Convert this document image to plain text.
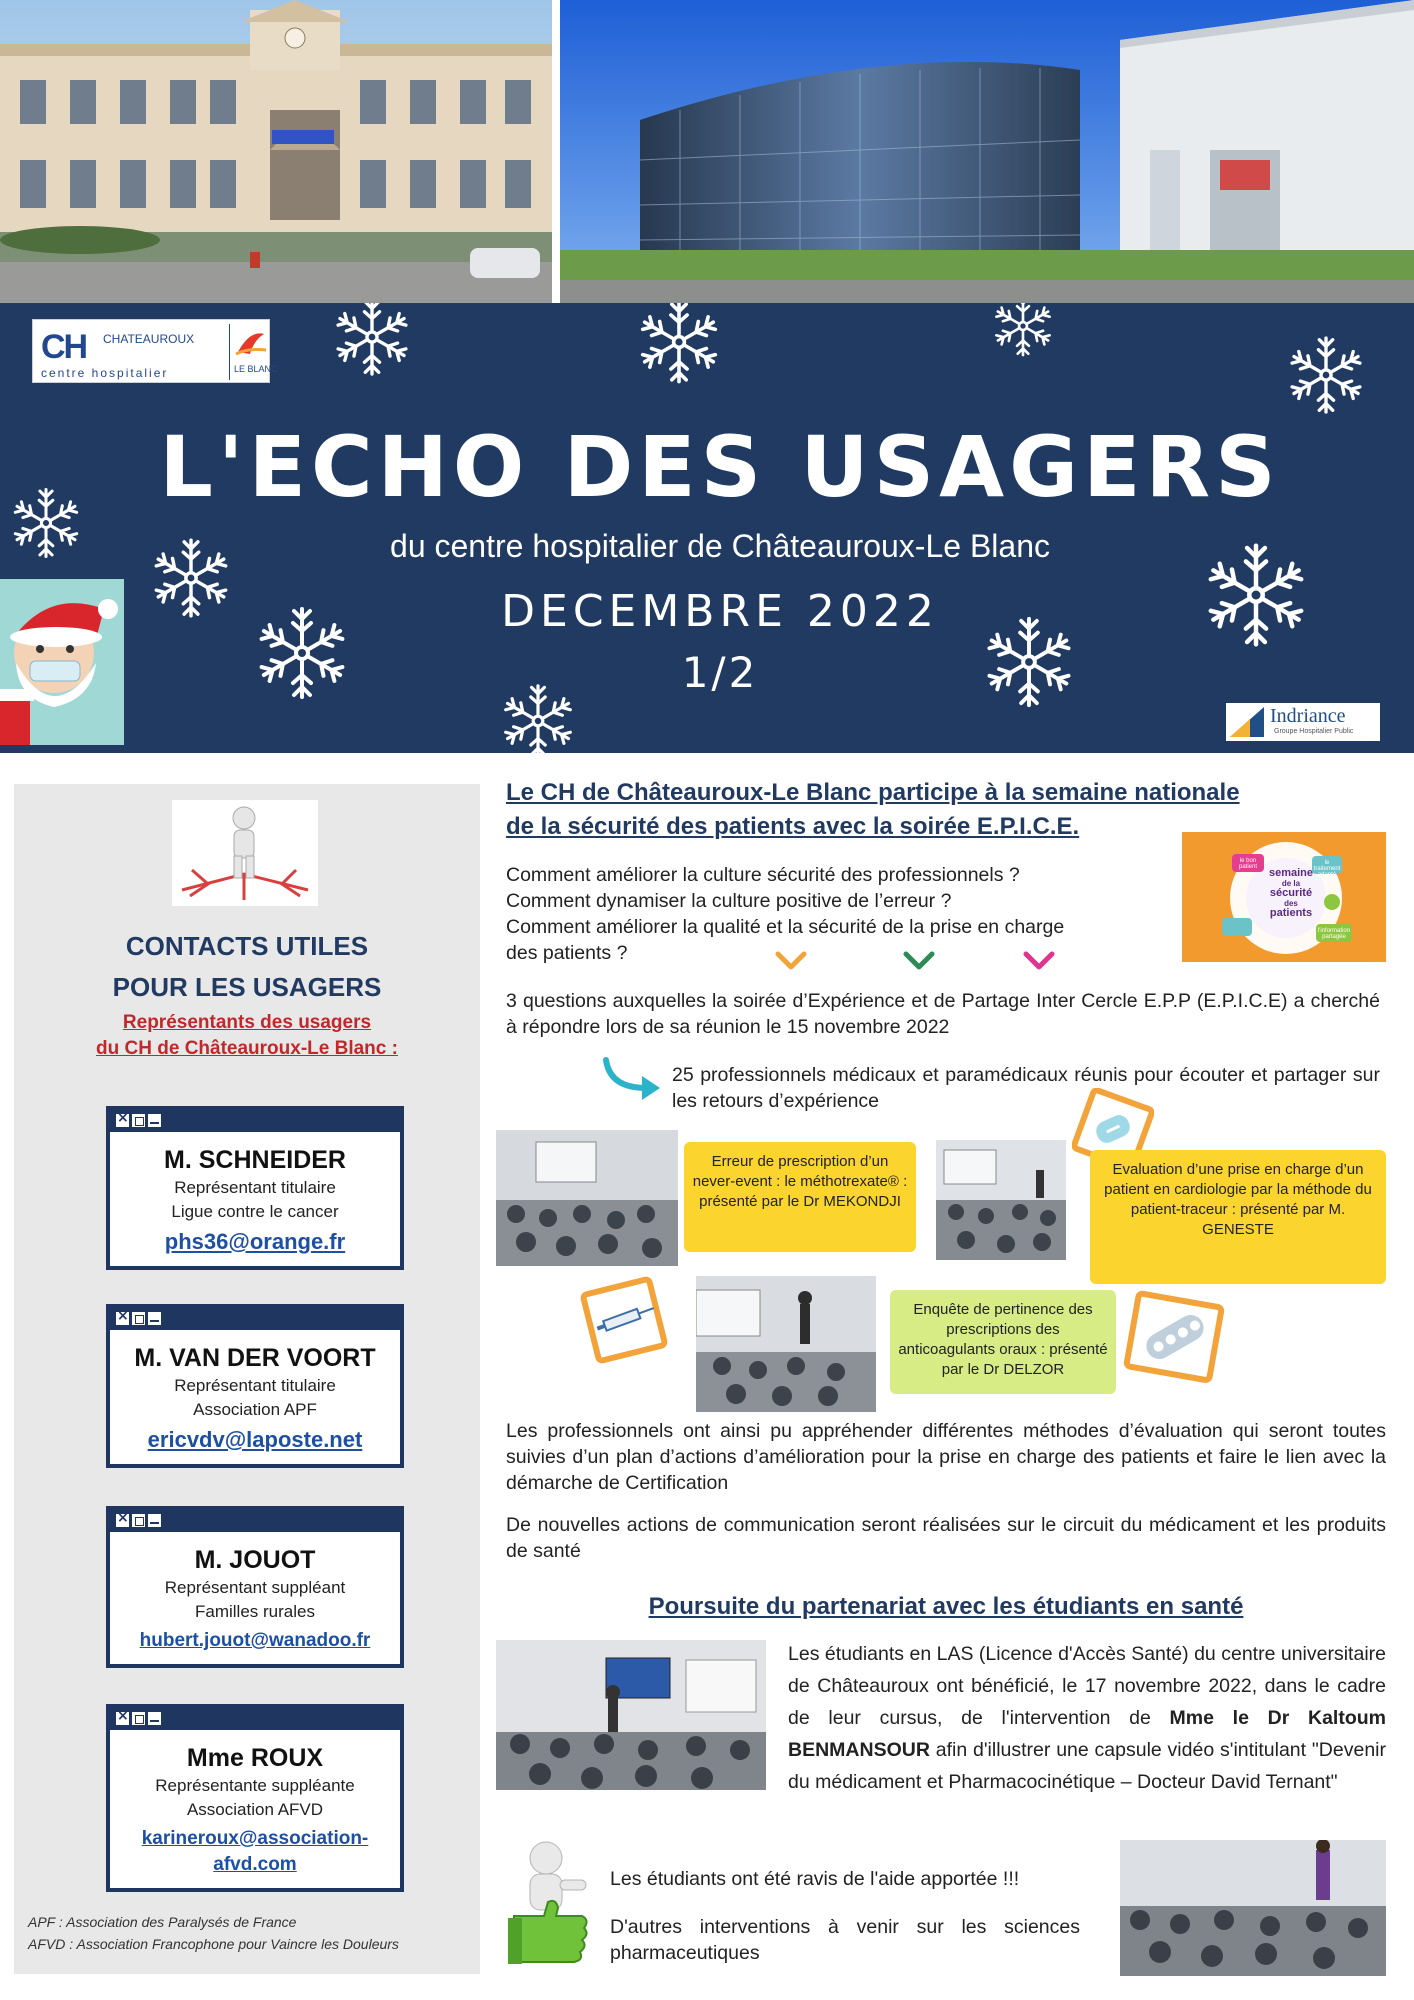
CH CHATEAUROUX
centre hospitalier	LE BLANC
L'ECHO DES USAGERS
du centre hospitalier de Châteauroux-Le Blanc
DECEMBRE 2022
1/2
Indriance
Groupe Hospitalier Public
CONTACTS UTILES
POUR LES USAGERS
Représentants des usagers
du CH de Châteauroux-Le Blanc :
×
M. SCHNEIDER
Représentant titulaire
Ligue contre le cancer
phs36@orange.fr
×
M. VAN DER VOORT
Représentant titulaire
Association APF
ericvdv@laposte.net
×
M. JOUOT
Représentant suppléant
Familles rurales
hubert.jouot@wanadoo.fr
×
Mme ROUX
Représentante suppléante
Association AFVD
karineroux@association-
afvd.com
APF : Association des Paralysés de France
AFVD : Association Francophone pour Vaincre les Douleurs
Le CH de Châteauroux-Le Blanc participe à la semaine nationale
de la sécurité des patients avec la soirée E.P.I.C.E.
Comment améliorer la culture sécurité des professionnels ?
Comment dynamiser la culture positive de l’erreur ?
Comment améliorer la qualité et la sécurité de la prise en charge
des patients ?
semaine
de la
sécurité
des
patients
le bon patient
le traitement adapté
l'information partagée
3 questions auxquelles la soirée d’Expérience et de Partage Inter Cercle E.P.P (E.P.I.C.E) a cherché à répondre lors de sa réunion le 15 novembre 2022
25 professionnels médicaux et paramédicaux réunis pour écouter et partager sur les retours d’expérience
Erreur de prescription d’un never-event : le méthotrexate® : présenté par le Dr MEKONDJI
Evaluation d’une prise en charge d’un patient en cardiologie par la méthode du patient-traceur : présenté par M. GENESTE
Enquête de pertinence des prescriptions des anticoagulants oraux : présenté par le Dr DELZOR
Les professionnels ont ainsi pu appréhender différentes méthodes d’évaluation qui seront toutes suivies d’un plan d’actions d’amélioration pour la prise en charge des patients et faire le lien avec la démarche de Certification
De nouvelles actions de communication seront réalisées sur le circuit du médicament et les produits de santé
Poursuite du partenariat avec les étudiants en santé
Les étudiants en LAS (Licence d'Accès Santé) du centre universitaire de Châteauroux ont bénéficié, le 17 novembre 2022, dans le cadre de leur cursus, de l'intervention de Mme le Dr Kaltoum BENMANSOUR afin d'illustrer une capsule vidéo s'intitulant "Devenir du médicament et Pharmacocinétique – Docteur David Ternant"
Les étudiants ont été ravis de l'aide apportée !!!
D'autres interventions à venir sur les sciences pharmaceutiques
